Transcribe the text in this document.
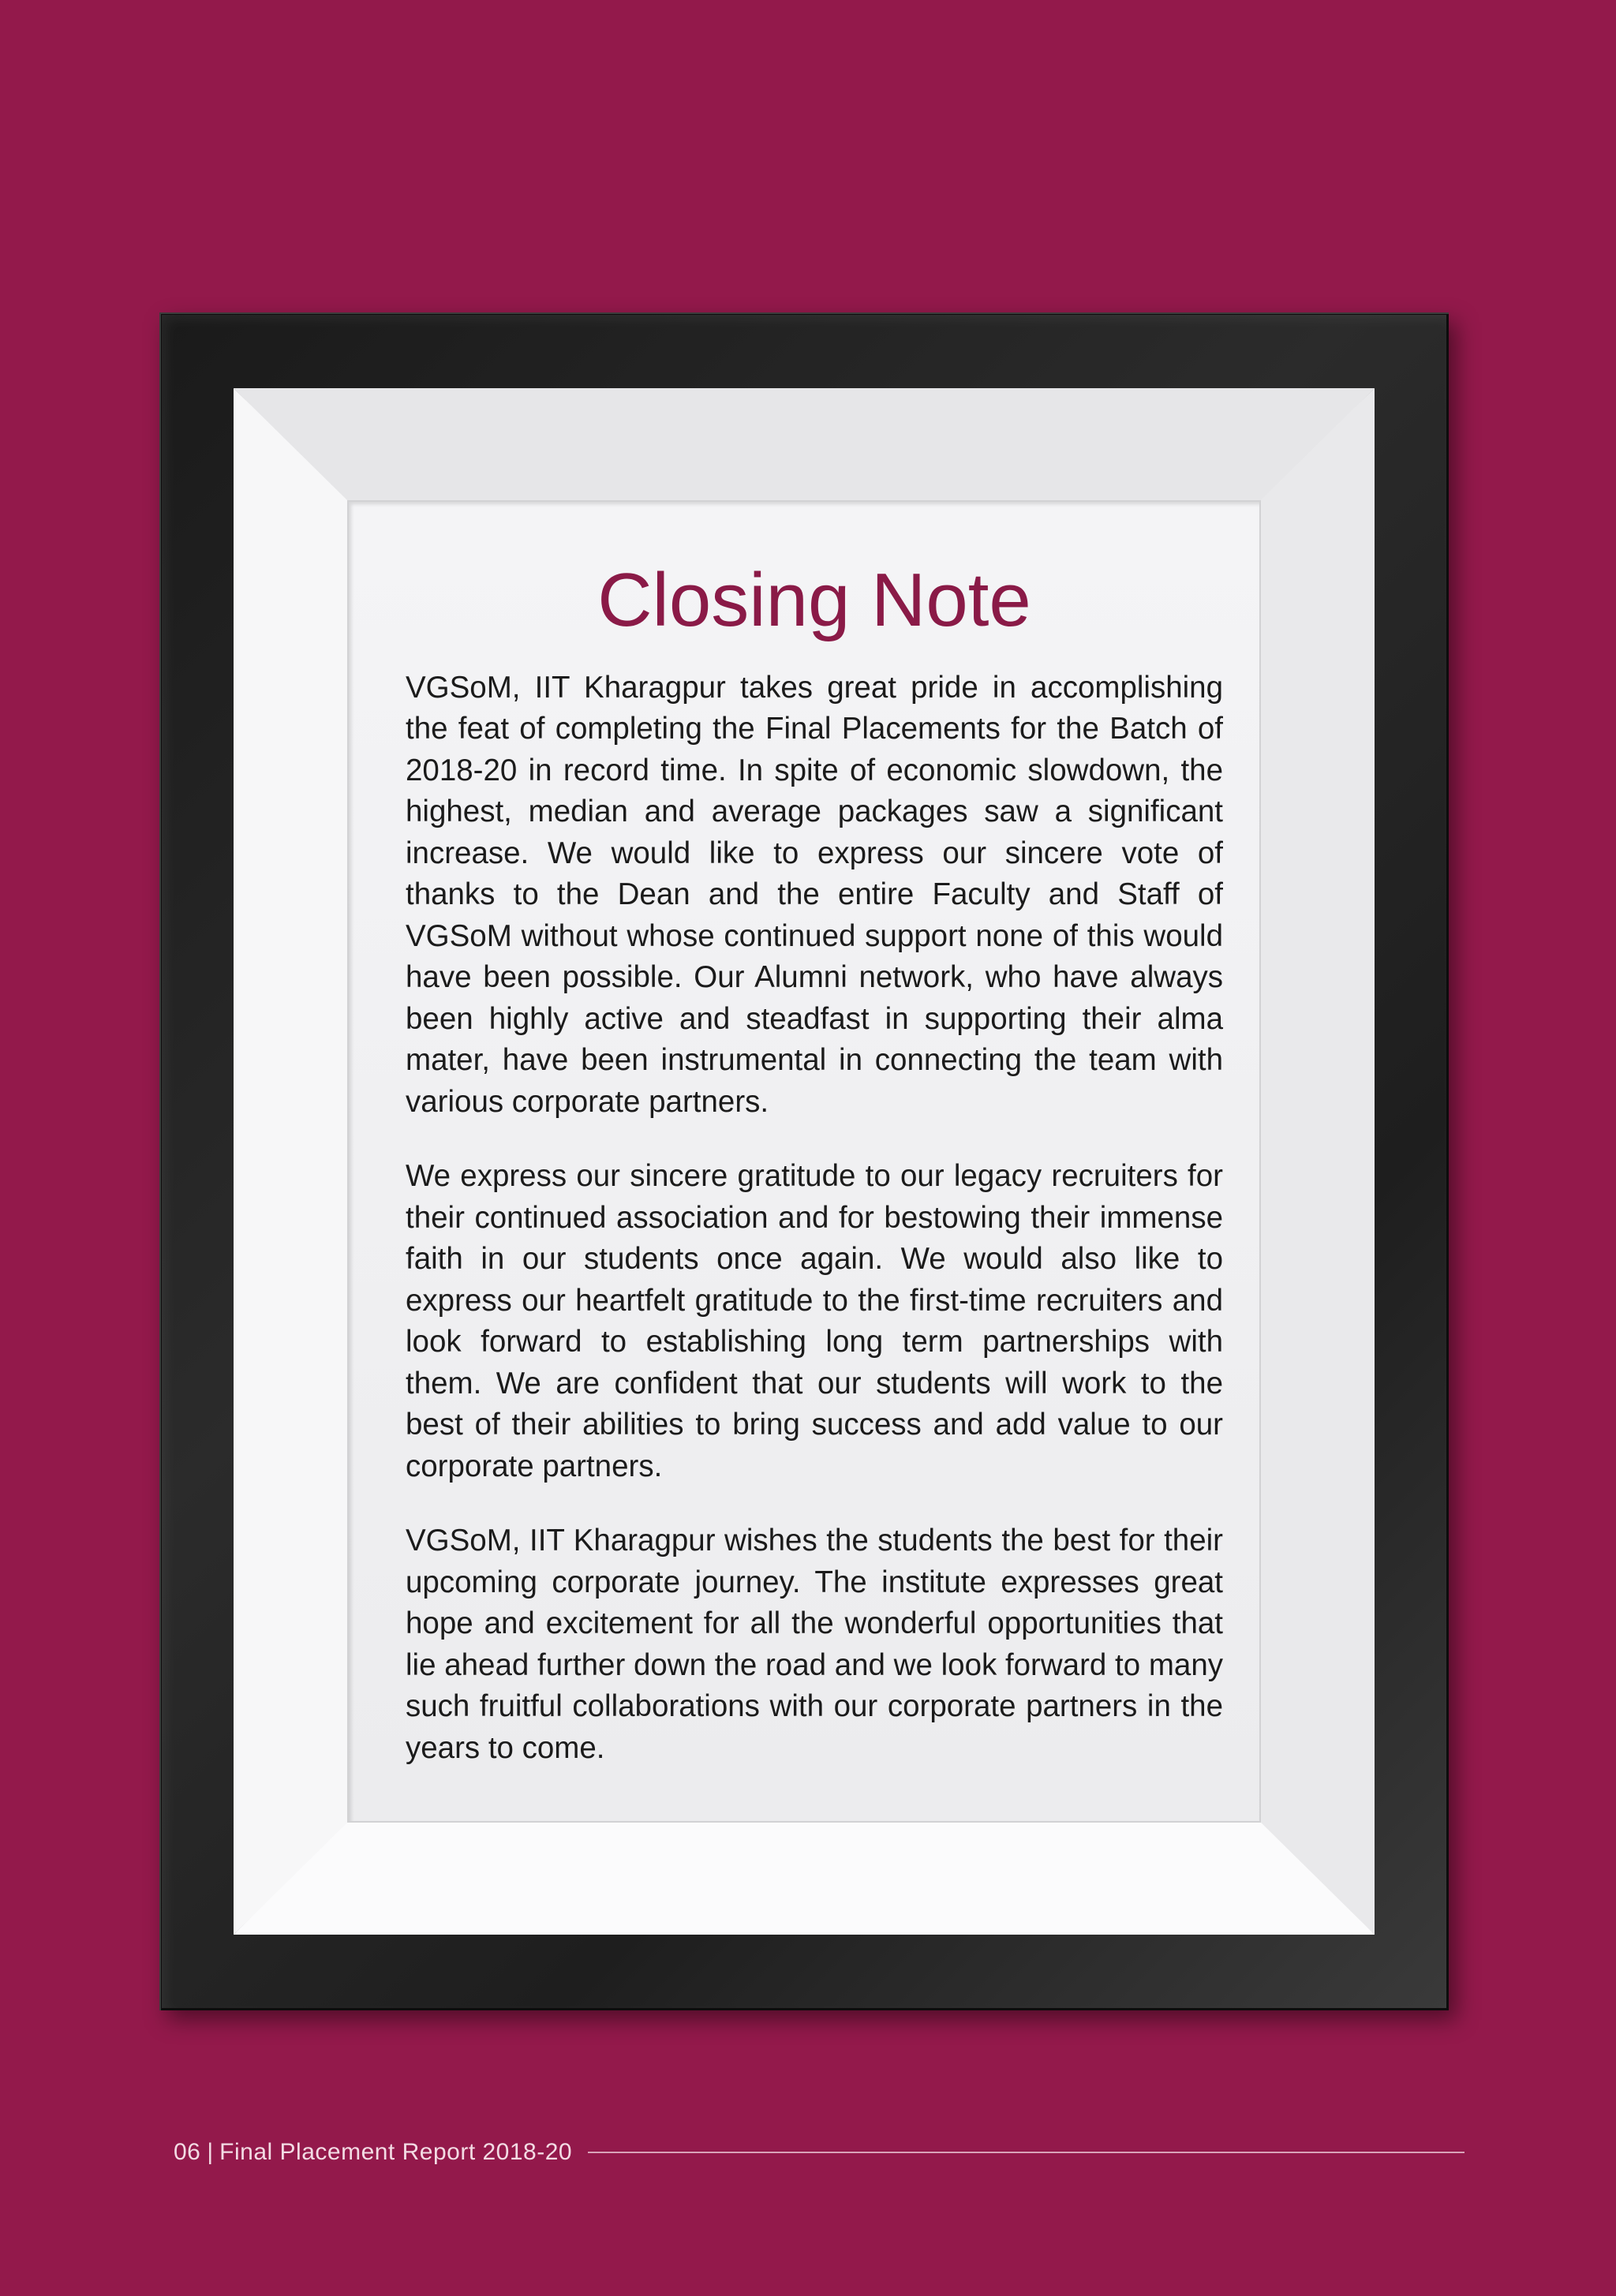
Closing Note

VGSoM, IIT Kharagpur takes great pride in accomplishing the feat of completing the Final Placements for the Batch of 2018-20 in record time. In spite of economic slowdown, the highest, median and average packages saw a significant increase. We would like to express our sincere vote of thanks to the Dean and the entire Faculty and Staff of VGSoM without whose continued support none of this would have been possible. Our Alumni network, who have always been highly active and steadfast in supporting their alma mater, have been instrumental in connecting the team with various corporate partners.

We express our sincere gratitude to our legacy recruiters for their continued association and for bestowing their immense faith in our students once again. We would also like to express our heartfelt gratitude to the first-time recruiters and look forward to establishing long term partnerships with them. We are confident that our students will work to the best of their abilities to bring success and add value to our corporate partners.

VGSoM, IIT Kharagpur wishes the students the best for their upcoming corporate journey. The institute expresses great hope and excitement for all the wonderful opportunities that lie ahead further down the road and we look forward to many such fruitful collaborations with our corporate partners in the years to come.

06 | Final Placement Report 2018-20
